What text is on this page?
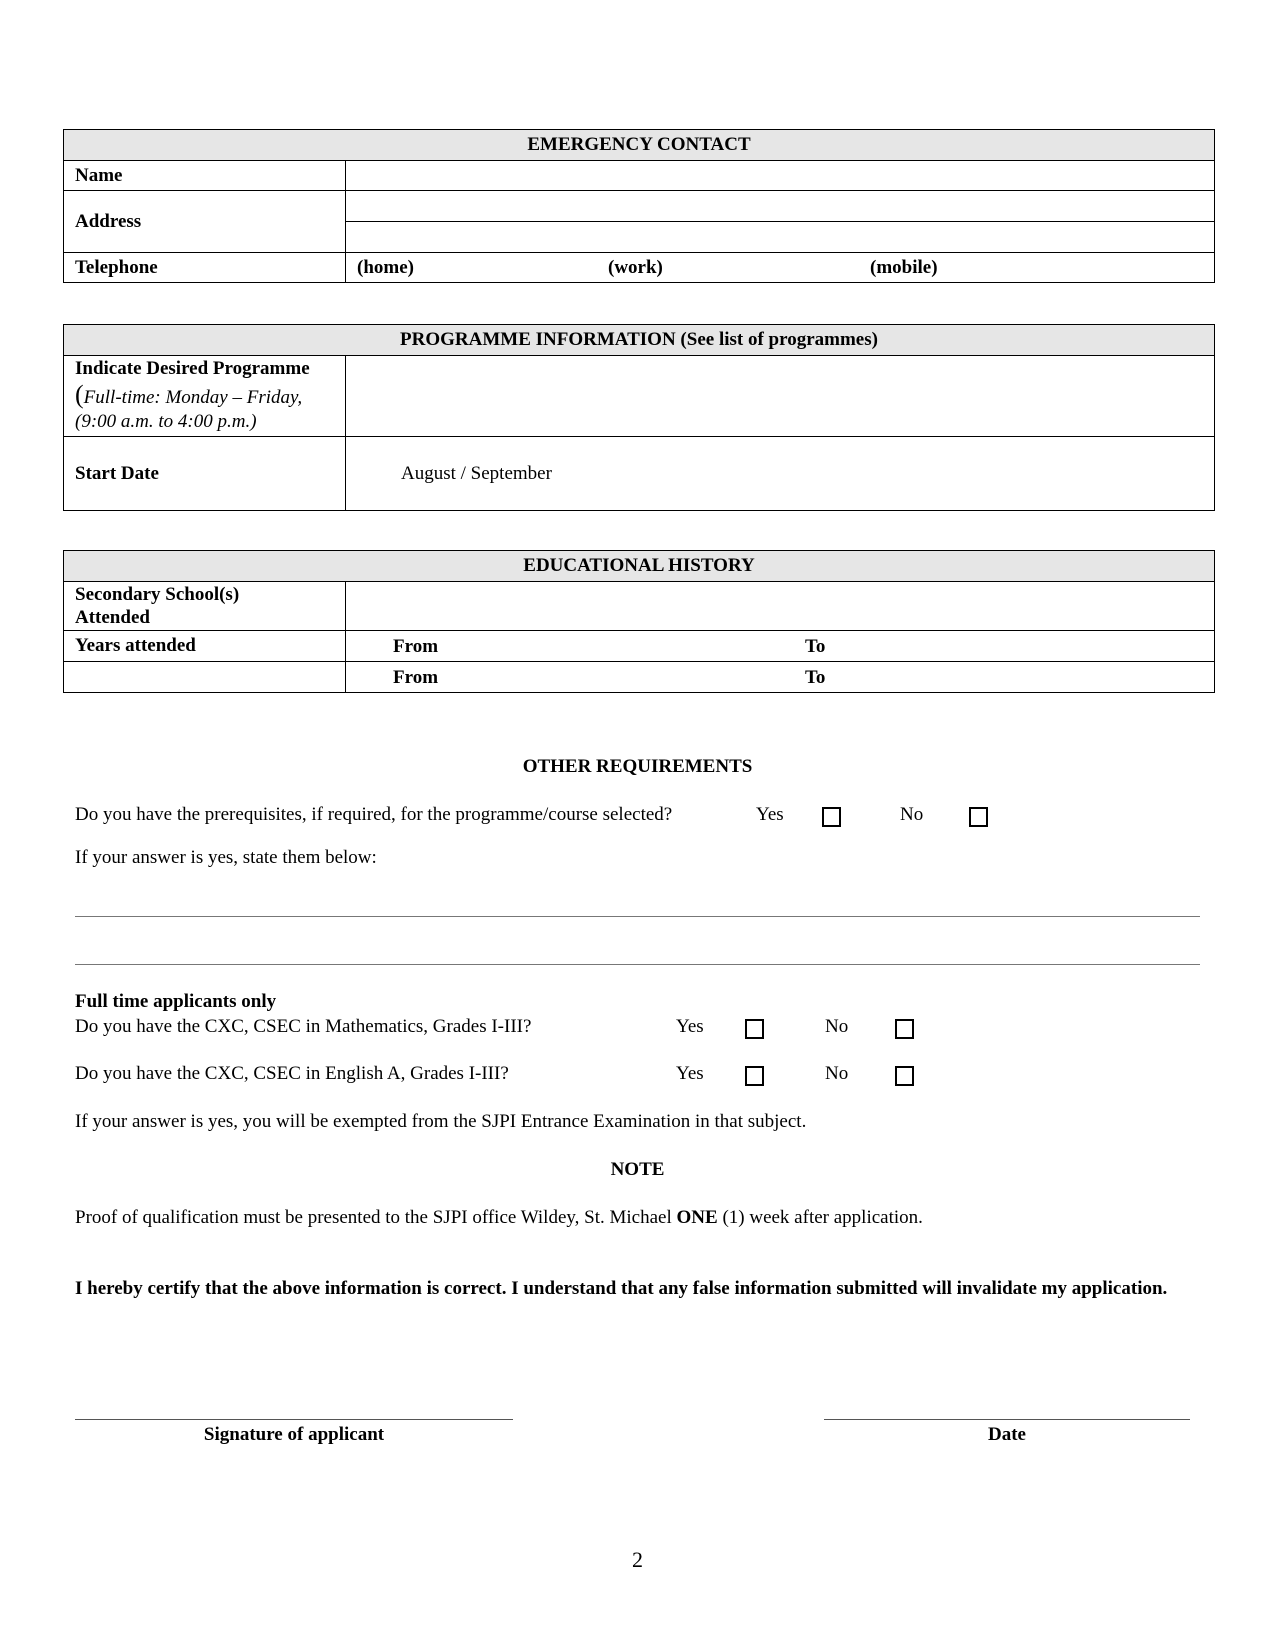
EMERGENCY CONTACT	
Name	
Address	

Telephone	(home) (work) (mobile)
PROGRAMME INFORMATION (See list of programmes)	

Indicate Desired Programme
(Full-time: Monday – Friday,
(9:00 a.m. to 4:00 p.m.)	

Start Date	August / September
EDUCATIONAL HISTORY	

Secondary School(s)
Attended	

Years attended	From To

	From To
OTHER REQUIREMENTS
Do you have the prerequisites, if required, for the programme/course selected?	Yes	No
If your answer is yes, state them below:
Full time applicants only
Do you have the CXC, CSEC in Mathematics, Grades I-III?	Yes	No
Do you have the CXC, CSEC in English A, Grades I-III?	Yes	No
If your answer is yes, you will be exempted from the SJPI Entrance Examination in that subject.
NOTE
Proof of qualification must be presented to the SJPI office Wildey, St. Michael ONE (1) week after application.
I hereby certify that the above information is correct. I understand that any false information submitted will invalidate my application.
Signature of applicant	Date
2
